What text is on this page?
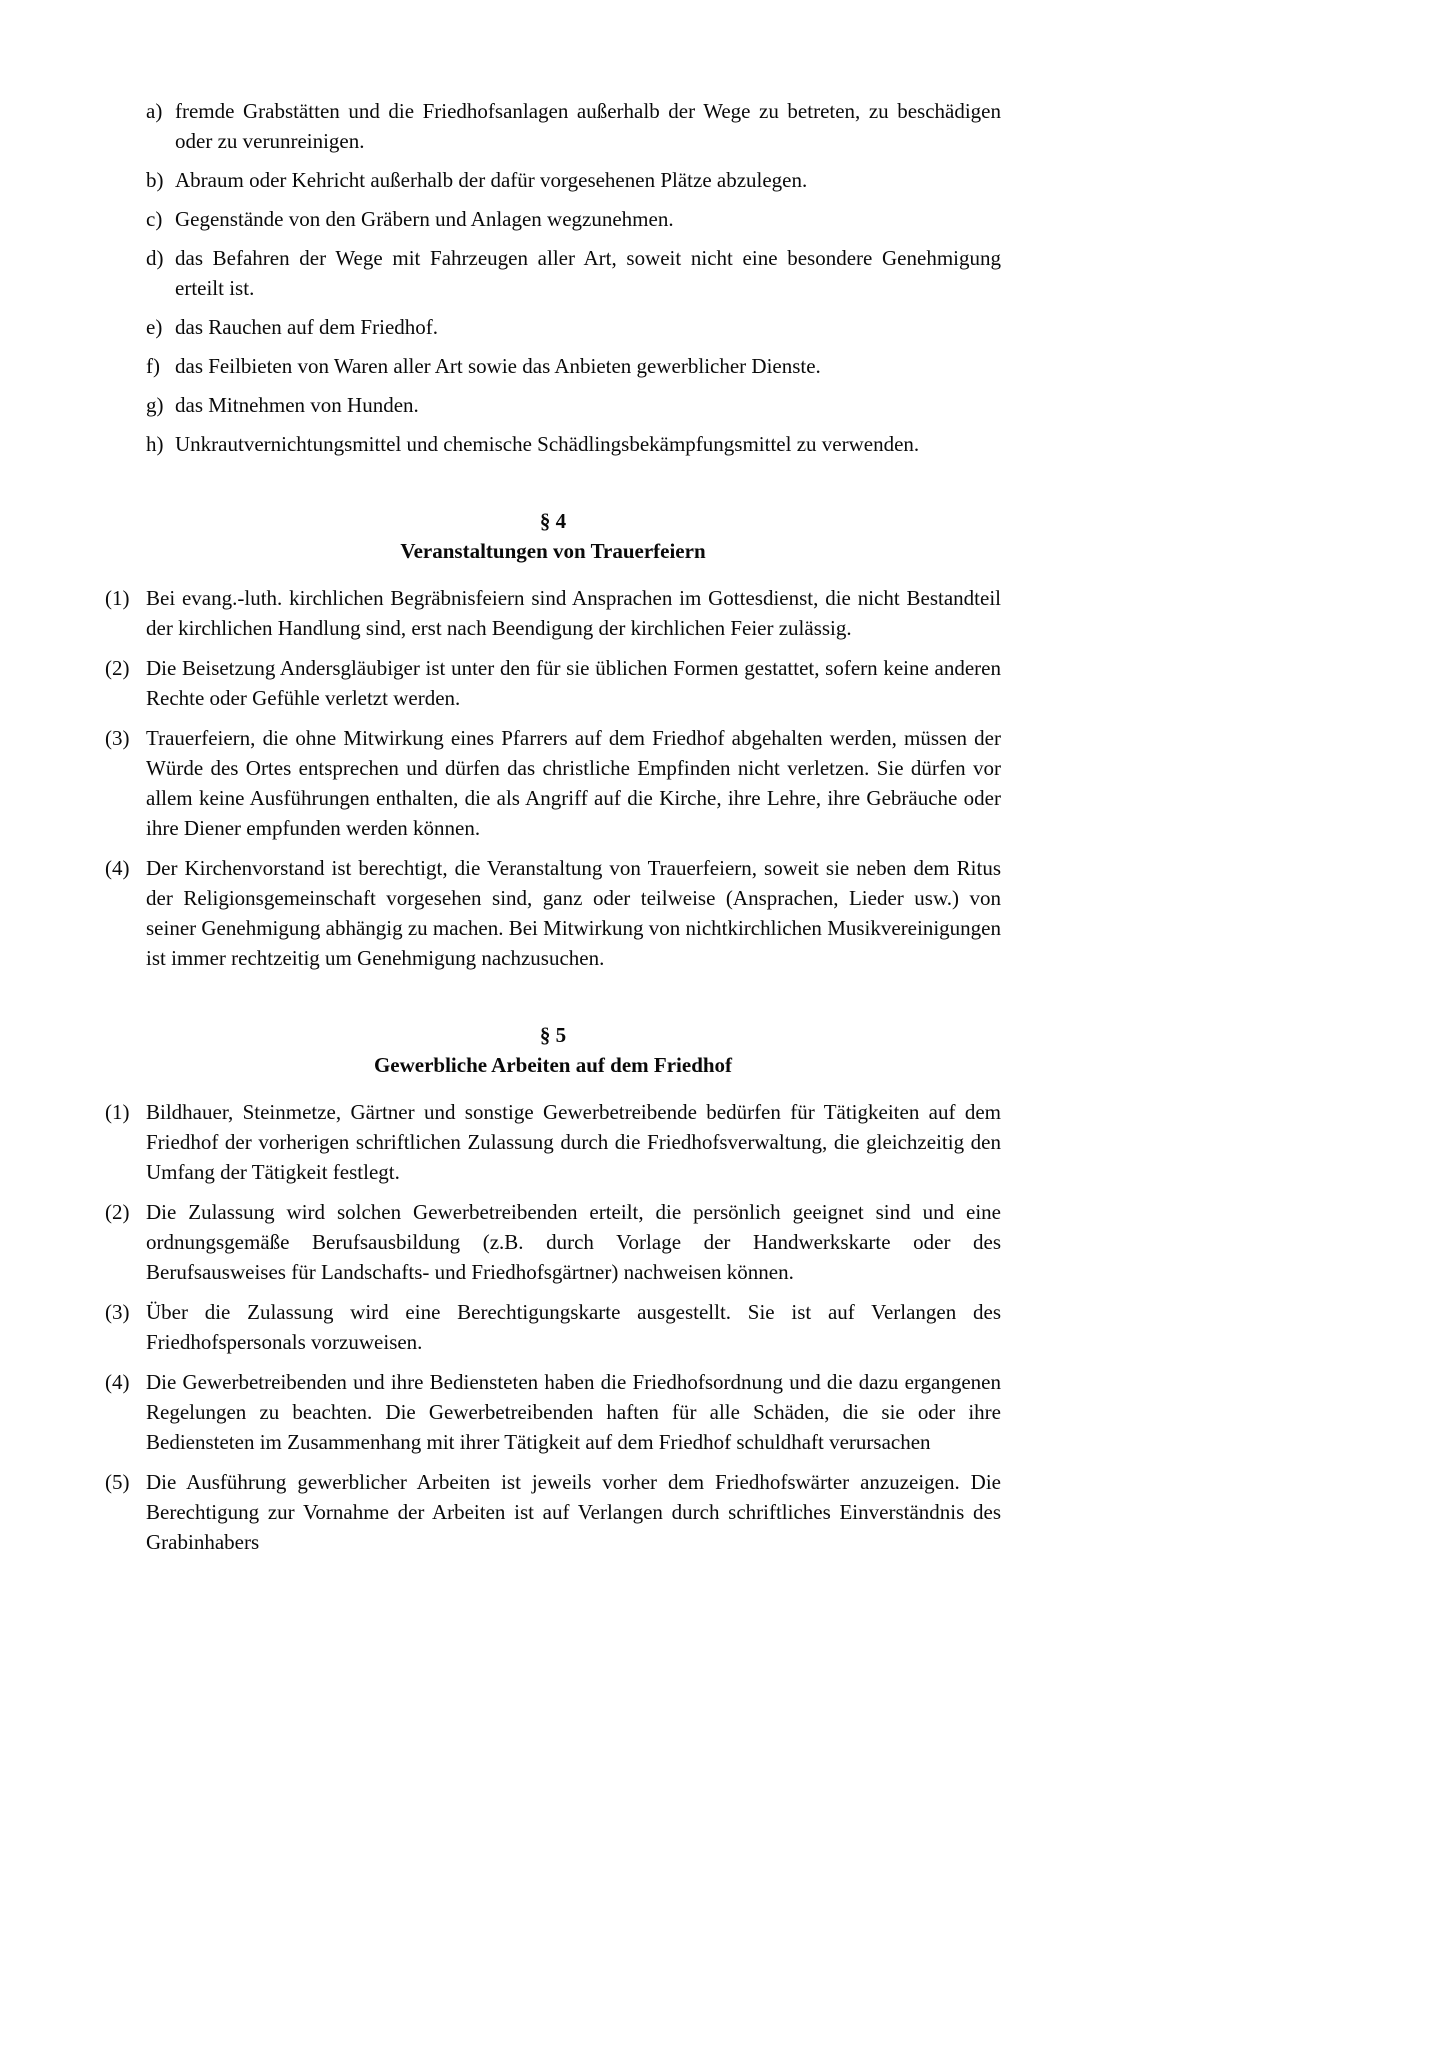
a) fremde Grabstätten und die Friedhofsanlagen außerhalb der Wege zu betreten, zu beschädigen oder zu verunreinigen.
b) Abraum oder Kehricht außerhalb der dafür vorgesehenen Plätze abzulegen.
c) Gegenstände von den Gräbern und Anlagen wegzunehmen.
d) das Befahren der Wege mit Fahrzeugen aller Art, soweit nicht eine besondere Genehmigung erteilt ist.
e) das Rauchen auf dem Friedhof.
f) das Feilbieten von Waren aller Art sowie das Anbieten gewerblicher Dienste.
g) das Mitnehmen von Hunden.
h) Unkrautvernichtungsmittel und chemische Schädlingsbekämpfungsmittel zu verwenden.
§ 4
Veranstaltungen von Trauerfeiern
(1) Bei evang.-luth. kirchlichen Begräbnisfeiern sind Ansprachen im Gottesdienst, die nicht Bestandteil der kirchlichen Handlung sind, erst nach Beendigung der kirchlichen Feier zulässig.
(2) Die Beisetzung Andersgläubiger ist unter den für sie üblichen Formen gestattet, sofern keine anderen Rechte oder Gefühle verletzt werden.
(3) Trauerfeiern, die ohne Mitwirkung eines Pfarrers auf dem Friedhof abgehalten werden, müssen der Würde des Ortes entsprechen und dürfen das christliche Empfinden nicht verletzen. Sie dürfen vor allem keine Ausführungen enthalten, die als Angriff auf die Kirche, ihre Lehre, ihre Gebräuche oder ihre Diener empfunden werden können.
(4) Der Kirchenvorstand ist berechtigt, die Veranstaltung von Trauerfeiern, soweit sie neben dem Ritus der Religionsgemeinschaft vorgesehen sind, ganz oder teilweise (Ansprachen, Lieder usw.) von seiner Genehmigung abhängig zu machen. Bei Mitwirkung von nichtkirchlichen Musikvereinigungen ist immer rechtzeitig um Genehmigung nachzusuchen.
§ 5
Gewerbliche Arbeiten auf dem Friedhof
(1) Bildhauer, Steinmetze, Gärtner und sonstige Gewerbetreibende bedürfen für Tätigkeiten auf dem Friedhof der vorherigen schriftlichen Zulassung durch die Friedhofsverwaltung, die gleichzeitig den Umfang der Tätigkeit festlegt.
(2) Die Zulassung wird solchen Gewerbetreibenden erteilt, die persönlich geeignet sind und eine ordnungsgemäße Berufsausbildung (z.B. durch Vorlage der Handwerkskarte oder des Berufsausweises für Landschafts- und Friedhofsgärtner) nachweisen können.
(3) Über die Zulassung wird eine Berechtigungskarte ausgestellt. Sie ist auf Verlangen des Friedhofspersonals vorzuweisen.
(4) Die Gewerbetreibenden und ihre Bediensteten haben die Friedhofsordnung und die dazu ergangenen Regelungen zu beachten. Die Gewerbetreibenden haften für alle Schäden, die sie oder ihre Bediensteten im Zusammenhang mit ihrer Tätigkeit auf dem Friedhof schuldhaft verursachen
(5) Die Ausführung gewerblicher Arbeiten ist jeweils vorher dem Friedhofswärter anzuzeigen. Die Berechtigung zur Vornahme der Arbeiten ist auf Verlangen durch schriftliches Einverständnis des Grabinhabers
